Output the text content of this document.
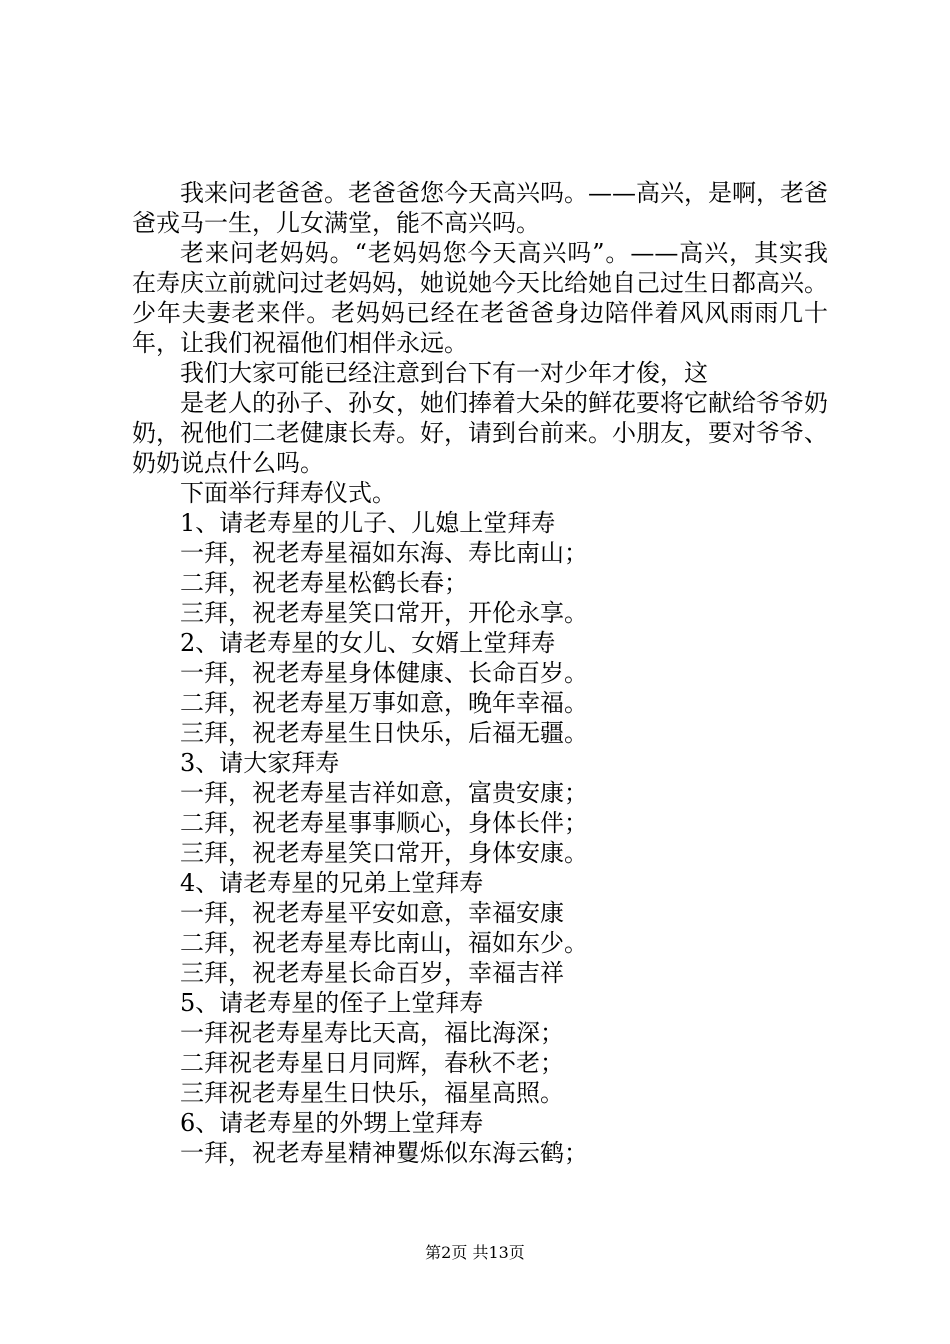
我来问老爸爸。老爸爸您今天高兴吗。——高兴，是啊，老爸爸戎马一生，儿女满堂，能不高兴吗。

老来问老妈妈。“老妈妈您今天高兴吗”。——高兴，其实我在寿庆立前就问过老妈妈，她说她今天比给她自己过生日都高兴。少年夫妻老来伴。老妈妈已经在老爸爸身边陪伴着风风雨雨几十年，让我们祝福他们相伴永远。

我们大家可能已经注意到台下有一对少年才俊，这

是老人的孙子、孙女，她们捧着大朵的鲜花要将它献给爷爷奶奶，祝他们二老健康长寿。好，请到台前来。小朋友，要对爷爷、奶奶说点什么吗。

下面举行拜寿仪式。

1、请老寿星的儿子、儿媳上堂拜寿

一拜，祝老寿星福如东海、寿比南山；

二拜，祝老寿星松鹤长春；

三拜，祝老寿星笑口常开，开伦永享。

2、请老寿星的女儿、女婿上堂拜寿

一拜，祝老寿星身体健康、长命百岁。

二拜，祝老寿星万事如意，晚年幸福。

三拜，祝老寿星生日快乐，后福无疆。

3、请大家拜寿

一拜，祝老寿星吉祥如意，富贵安康；

二拜，祝老寿星事事顺心，身体长伴；

三拜，祝老寿星笑口常开，身体安康。

4、请老寿星的兄弟上堂拜寿

一拜，祝老寿星平安如意，幸福安康

二拜，祝老寿星寿比南山，福如东少。

三拜，祝老寿星长命百岁，幸福吉祥

5、请老寿星的侄子上堂拜寿

一拜祝老寿星寿比天高，福比海深；

二拜祝老寿星日月同辉，春秋不老；

三拜祝老寿星生日快乐，福星高照。

6、请老寿星的外甥上堂拜寿

一拜，祝老寿星精神矍烁似东海云鹤；

第2页 共13页
